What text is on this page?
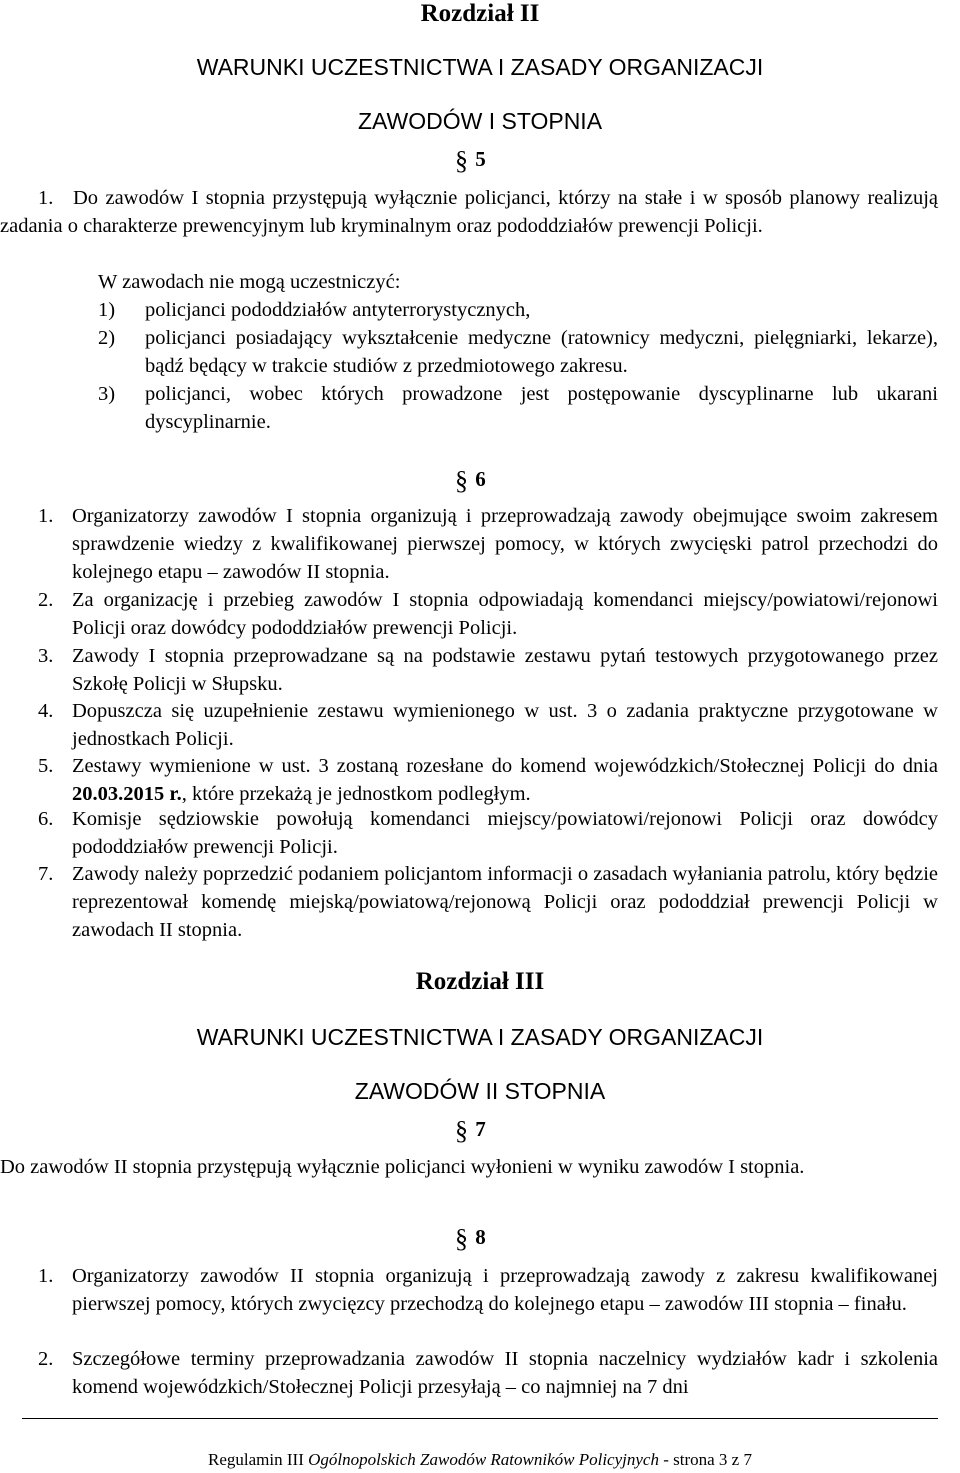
Rozdział II
WARUNKI UCZESTNICTWA I ZASADY ORGANIZACJI
ZAWODÓW I STOPNIA
§ 5
1. Do zawodów I stopnia przystępują wyłącznie policjanci, którzy na stałe i w sposób planowy realizują zadania o charakterze prewencyjnym lub kryminalnym oraz pododdziałów prewencji Policji.
W zawodach nie mogą uczestniczyć:
1) policjanci pododdziałów antyterrorystycznych,
2) policjanci posiadający wykształcenie medyczne (ratownicy medyczni, pielęgniarki, lekarze), bądź będący w trakcie studiów z przedmiotowego zakresu.
3) policjanci, wobec których prowadzone jest postępowanie dyscyplinarne lub ukarani dyscyplinarnie.
§ 6
1. Organizatorzy zawodów I stopnia organizują i przeprowadzają zawody obejmujące swoim zakresem sprawdzenie wiedzy z kwalifikowanej pierwszej pomocy, w których zwycięski patrol przechodzi do kolejnego etapu – zawodów II stopnia.
2. Za organizację i przebieg zawodów I stopnia odpowiadają komendanci miejscy/powiatowi/rejonowi Policji oraz dowódcy pododdziałów prewencji Policji.
3. Zawody I stopnia przeprowadzane są na podstawie zestawu pytań testowych przygotowanego przez Szkołę Policji w Słupsku.
4. Dopuszcza się uzupełnienie zestawu wymienionego w ust. 3 o zadania praktyczne przygotowane w jednostkach Policji.
5. Zestawy wymienione w ust. 3 zostaną rozesłane do komend wojewódzkich/Stołecznej Policji do dnia 20.03.2015 r., które przekażą je jednostkom podległym.
6. Komisje sędziowskie powołują komendanci miejscy/powiatowi/rejonowi Policji oraz dowódcy pododdziałów prewencji Policji.
7. Zawody należy poprzedzić podaniem policjantom informacji o zasadach wyłaniania patrolu, który będzie reprezentował komendę miejską/powiatową/rejonową Policji oraz pododdział prewencji Policji w zawodach II stopnia.
Rozdział III
WARUNKI UCZESTNICTWA I ZASADY ORGANIZACJI
ZAWODÓW II STOPNIA
§ 7
Do zawodów II stopnia przystępują wyłącznie policjanci wyłonieni w wyniku zawodów I stopnia.
§ 8
1. Organizatorzy zawodów II stopnia organizują i przeprowadzają zawody z zakresu kwalifikowanej pierwszej pomocy, których zwycięzcy przechodzą do kolejnego etapu – zawodów III stopnia – finału.
2. Szczegółowe terminy przeprowadzania zawodów II stopnia naczelnicy wydziałów kadr i szkolenia komend wojewódzkich/Stołecznej Policji przesyłają – co najmniej na 7 dni
Regulamin III Ogólnopolskich Zawodów Ratowników Policyjnych - strona 3 z 7
